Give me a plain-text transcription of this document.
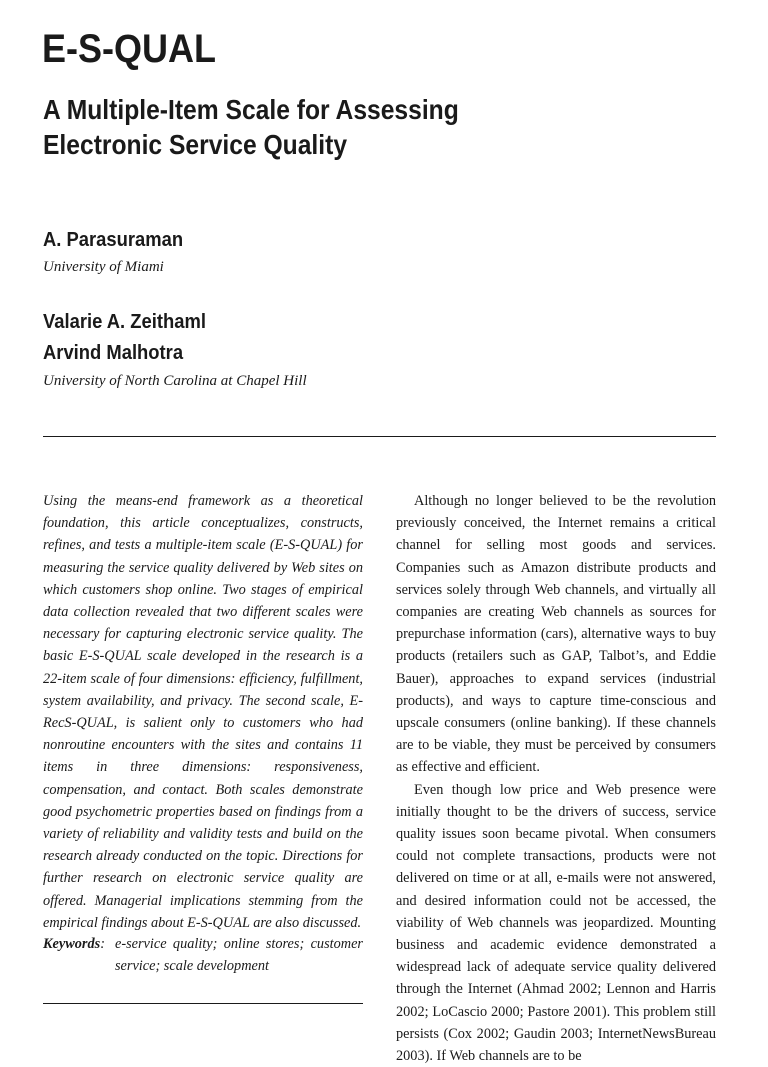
E-S-QUAL
A Multiple-Item Scale for Assessing
Electronic Service Quality
A. Parasuraman
University of Miami
Valarie A. Zeithaml
Arvind Malhotra
University of North Carolina at Chapel Hill

Using the means-end framework as a theoretical foundation, this article conceptualizes, constructs, refines, and tests a multiple-item scale (E-S-QUAL) for measuring the service quality delivered by Web sites on which customers shop online. Two stages of empirical data collection revealed that two different scales were necessary for capturing electronic service quality. The basic E-S-QUAL scale developed in the research is a 22-item scale of four dimensions: efficiency, fulfillment, system availability, and privacy. The second scale, E-RecS-QUAL, is salient only to customers who had nonroutine encounters with the sites and contains 11 items in three dimensions: responsiveness, compensation, and contact. Both scales demonstrate good psychometric properties based on findings from a variety of reliability and validity tests and build on the research already conducted on the topic. Directions for further research on electronic service quality are offered. Managerial implications stemming from the empirical findings about E-S-QUAL are also discussed.

Keywords : e-service quality; online stores; customer service; scale development

Although no longer believed to be the revolution previously conceived, the Internet remains a critical channel for selling most goods and services. Companies such as Amazon distribute products and services solely through Web channels, and virtually all companies are creating Web channels as sources for prepurchase information (cars), alternative ways to buy products (retailers such as GAP, Talbot’s, and Eddie Bauer), approaches to expand services (industrial products), and ways to capture time-conscious and upscale consumers (online banking). If these channels are to be viable, they must be perceived by consumers as effective and efficient.

Even though low price and Web presence were initially thought to be the drivers of success, service quality issues soon became pivotal. When consumers could not complete transactions, products were not delivered on time or at all, e-mails were not answered, and desired information could not be accessed, the viability of Web channels was jeopardized. Mounting business and academic evidence demonstrated a widespread lack of adequate service quality delivered through the Internet (Ahmad 2002; Lennon and Harris 2002; LoCascio 2000; Pastore 2001). This problem still persists (Cox 2002; Gaudin 2003; InternetNewsBureau 2003). If Web channels are to be
